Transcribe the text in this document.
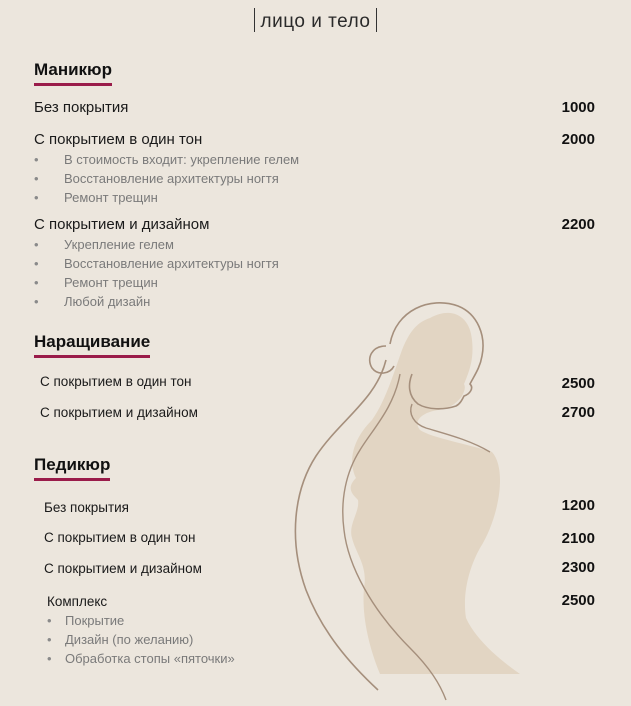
лицо и тело
Маникюр
Без покрытия	1000
С покрытием в один тон	2000
• В стоимость входит: укрепление гелем
• Восстановление архитектуры ногтя
• Ремонт трещин
С покрытием и дизайном	2200
• Укрепление гелем
• Восстановление архитектуры ногтя
• Ремонт трещин
• Любой дизайн
Наращивание
С покрытием в один тон	2500
С покрытием и дизайном	2700
Педикюр
Без покрытия	1200
С покрытием в один тон	2100
С покрытием и дизайном	2300
Комплекс	2500
• Покрытие
• Дизайн (по желанию)
• Обработка стопы «пяточки»
